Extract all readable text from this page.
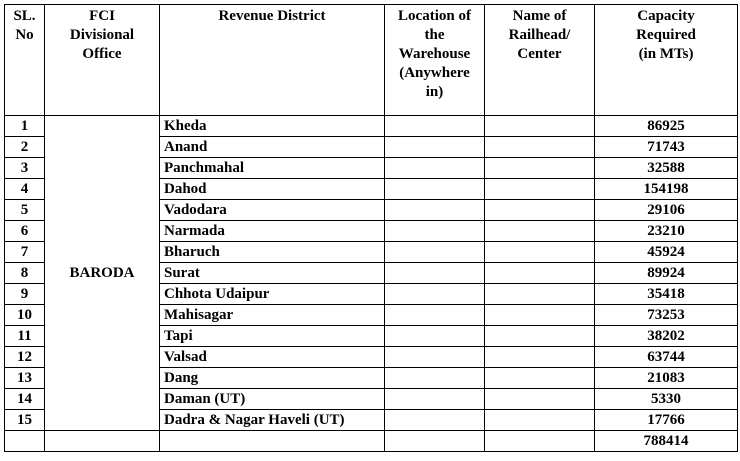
SL.
No	FCI
Divisional
Office	Revenue District	Location of
the
Warehouse
(Anywhere
in)	Name of
Railhead/
Center	Capacity
Required
(in MTs)
1	BARODA	Kheda			86925
2		Anand			71743
3		Panchmahal			32588
4		Dahod			154198
5		Vadodara			29106
6		Narmada			23210
7		Bharuch			45924
8		Surat			89924
9		Chhota Udaipur			35418
10		Mahisagar			73253
11		Tapi			38202
12		Valsad			63744
13		Dang			21083
14		Daman (UT)			5330
15		Dadra & Nagar Haveli (UT)			17766
					788414
